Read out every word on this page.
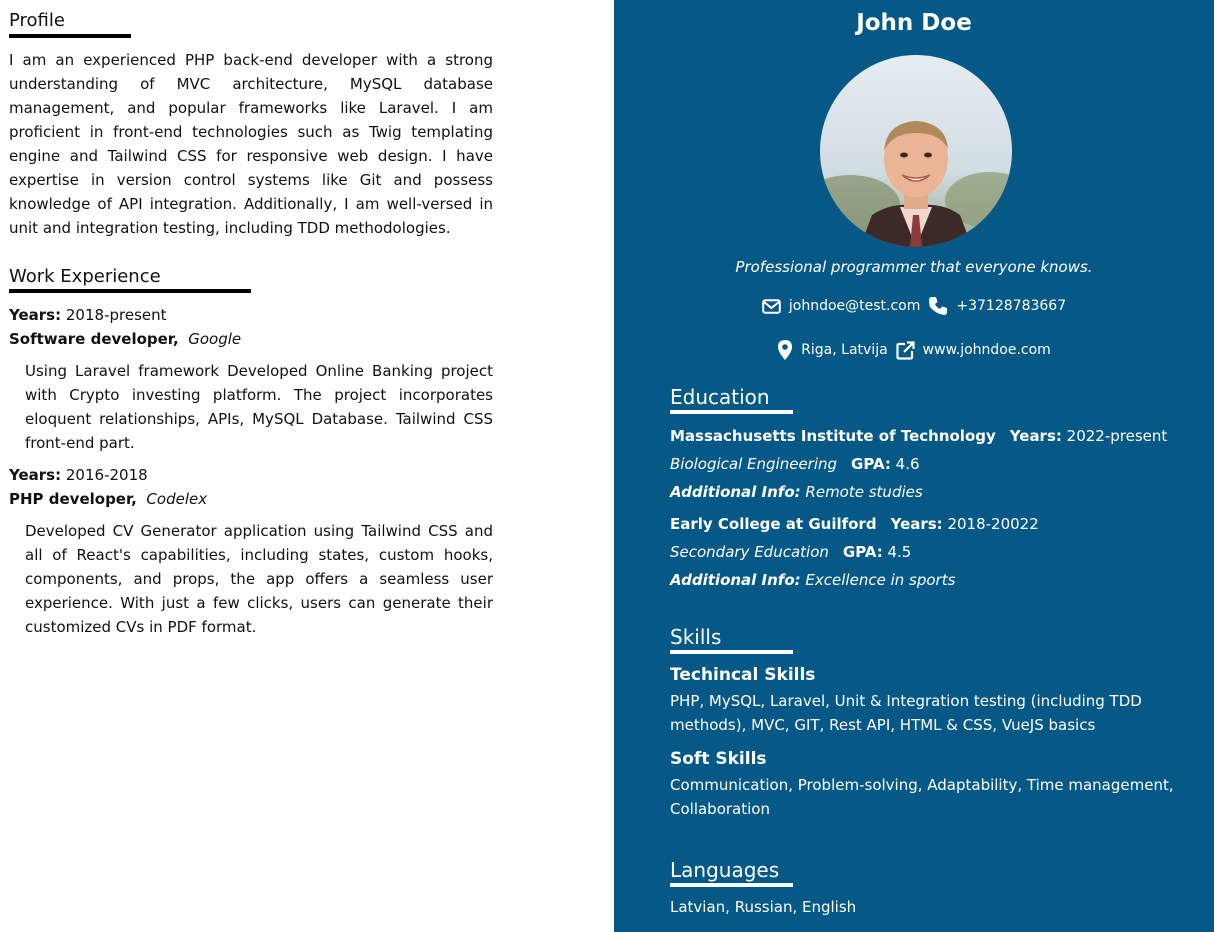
Profile
I am an experienced PHP back-end developer with a strong understanding of MVC architecture, MySQL database management, and popular frameworks like Laravel. I am proficient in front-end technologies such as Twig templating engine and Tailwind CSS for responsive web design. I have expertise in version control systems like Git and possess knowledge of API integration. Additionally, I am well-versed in unit and integration testing, including TDD methodologies.
Work Experience
Years: 2018-present
Software developer, Google
Using Laravel framework Developed Online Banking project with Crypto investing platform. The project incorporates eloquent relationships, APIs, MySQL Database. Tailwind CSS front-end part.
Years: 2016-2018
PHP developer, Codelex
Developed CV Generator application using Tailwind CSS and all of React's capabilities, including states, custom hooks, components, and props, the app offers a seamless user experience. With just a few clicks, users can generate their customized CVs in PDF format.
John Doe
Professional programmer that everyone knows.
johndoe@test.com	+37128783667
Riga, Latvija	www.johndoe.com
Education
Massachusetts Institute of Technology Years: 2022-present
Biological Engineering GPA: 4.6
Additional Info: Remote studies
Early College at Guilford Years: 2018-20022
Secondary Education GPA: 4.5
Additional Info: Excellence in sports
Skills
Techincal Skills
PHP, MySQL, Laravel, Unit & Integration testing (including TDD methods), MVC, GIT, Rest API, HTML & CSS, VueJS basics
Soft Skills
Communication, Problem-solving, Adaptability, Time management, Collaboration
Languages
Latvian, Russian, English
